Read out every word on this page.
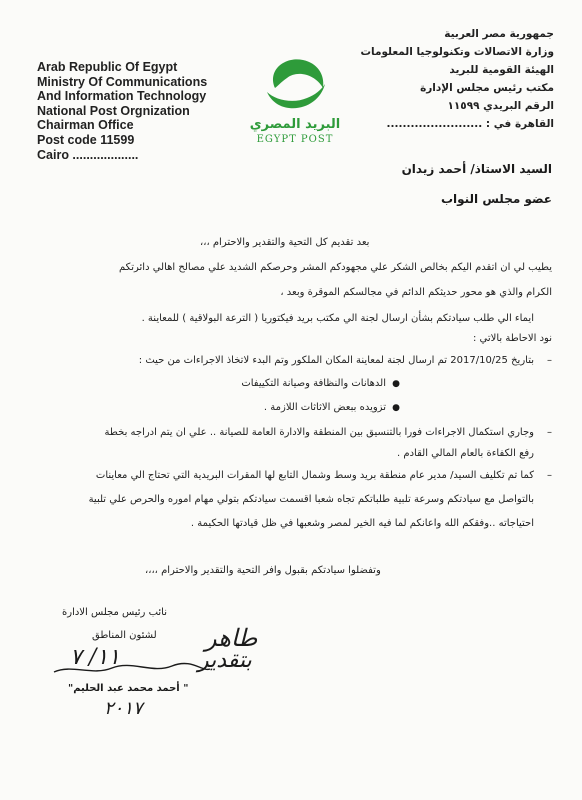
Arab Republic Of Egypt
Ministry Of Communications
And Information Technology
National Post Orgnization
Chairman Office
Post code 11599
Cairo ...................
البريد المصري
EGYPT POST
جمهورية مصر العربية
وزارة الاتصالات وتكنولوجيا المعلومات
الهيئة القومية للبريد
مكتب رئيس مجلس الإدارة
الرقم البريدي ١١٥٩٩
القاهرة في : ........................
السيد الاستاذ/ أحمد زيدان
عضو مجلس النواب
بعد تقديم كل التحية والتقدير والاحترام ،،،
يطيب لي ان اتقدم اليكم بخالص الشكر علي مجهودكم المشر وحرصكم الشديد علي مصالح اهالي دائرتكم
الكرام والذي هو محور حديثكم الدائم في مجالسكم الموقرة وبعد ،
ايماء الي طلب سيادتكم بشأن ارسال لجنة الي مكتب بريد فيكتوريا ( الترعة البولاقية ) للمعاينة .
نود الاحاطة بالاتي :
–
بتاريخ 2017/10/25 تم ارسال لجنة لمعاينة المكان الملكور وتم البدء لاتخاذ الاجراءات من حيث :
●
الدهانات والنظافة وصيانة التكييفات
●
تزويده ببعض الاثاثات اللازمة .
–
وجاري استكمال الاجراءات فورا بالتنسيق بين المنطقة والادارة العامة للصيانة .. علي ان يتم ادراجه بخطة
رفع الكفاءة بالعام المالي القادم .
–
كما تم تكليف السيد/ مدير عام منطقة بريد وسط وشمال التابع لها المقرات البريدية التي تحتاج الي معاينات
بالتواصل مع سيادتكم وسرعة تلبية طلباتكم تجاه شعبا اقسمت سيادتكم بتولي مهام اموره والحرص علي تلبية
احتياجاته ..وفقكم الله واعانكم لما فيه الخير لمصر وشعبها في ظل قيادتها الحكيمة .
وتفضلوا سيادتكم بقبول وافر التحية والتقدير والاحترام ،،،،
نائب رئيس مجلس الادارة
لشئون المناطق
١١/ ٧
" أحمد محمد عبد الحليم"
٢٠١٧
طاهر
بتقدير
